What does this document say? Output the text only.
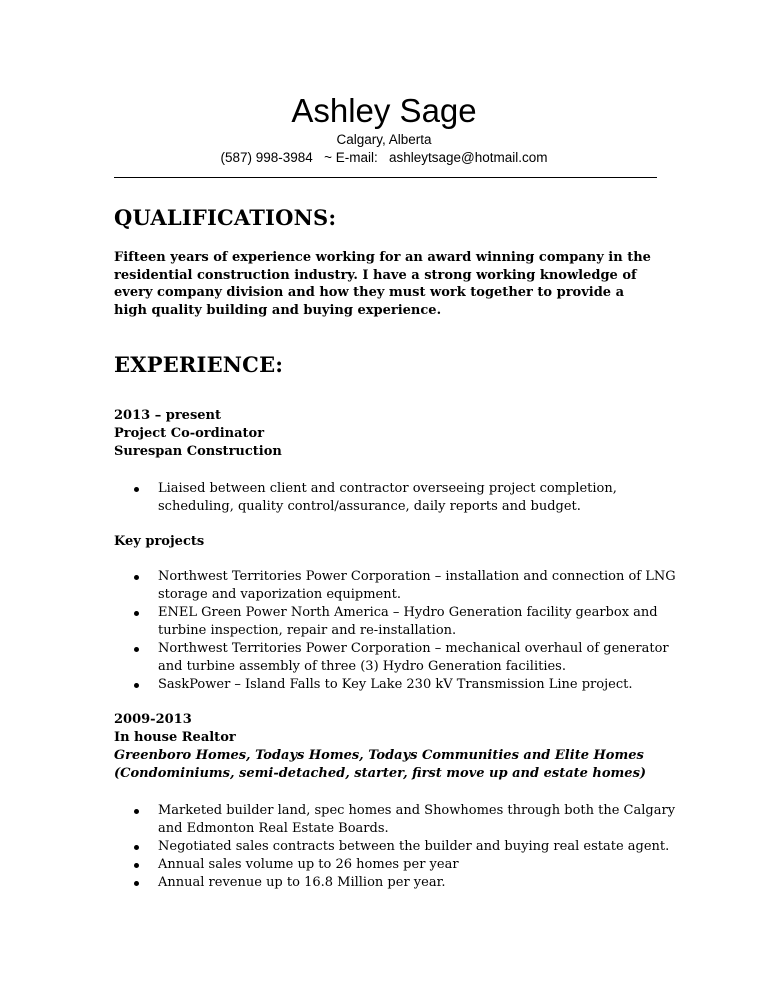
Ashley Sage
Calgary, Alberta
(587) 998-3984   ~ E-mail:   ashleytsage@hotmail.com
QUALIFICATIONS:
Fifteen years of experience working for an award winning company in the residential construction industry. I have a strong working knowledge of every company division and how they must work together to provide a high quality building and buying experience.
EXPERIENCE:
2013 – present
Project Co-ordinator
Surespan Construction
Liaised between client and contractor overseeing project completion, scheduling, quality control/assurance, daily reports and budget.
Key projects
Northwest Territories Power Corporation – installation and connection of LNG storage and vaporization equipment.
ENEL Green Power North America – Hydro Generation facility gearbox and turbine inspection, repair and re-installation.
Northwest Territories Power Corporation – mechanical overhaul of generator and turbine assembly of three (3) Hydro Generation facilities.
SaskPower – Island Falls to Key Lake 230 kV Transmission Line project.
2009-2013
In house Realtor
Greenboro Homes, Todays Homes, Todays Communities and Elite Homes
(Condominiums, semi-detached, starter, first move up and estate homes)
Marketed builder land, spec homes and Showhomes through both the Calgary and Edmonton Real Estate Boards.
Negotiated sales contracts between the builder and buying real estate agent.
Annual sales volume up to 26 homes per year
Annual revenue up to 16.8 Million per year.
